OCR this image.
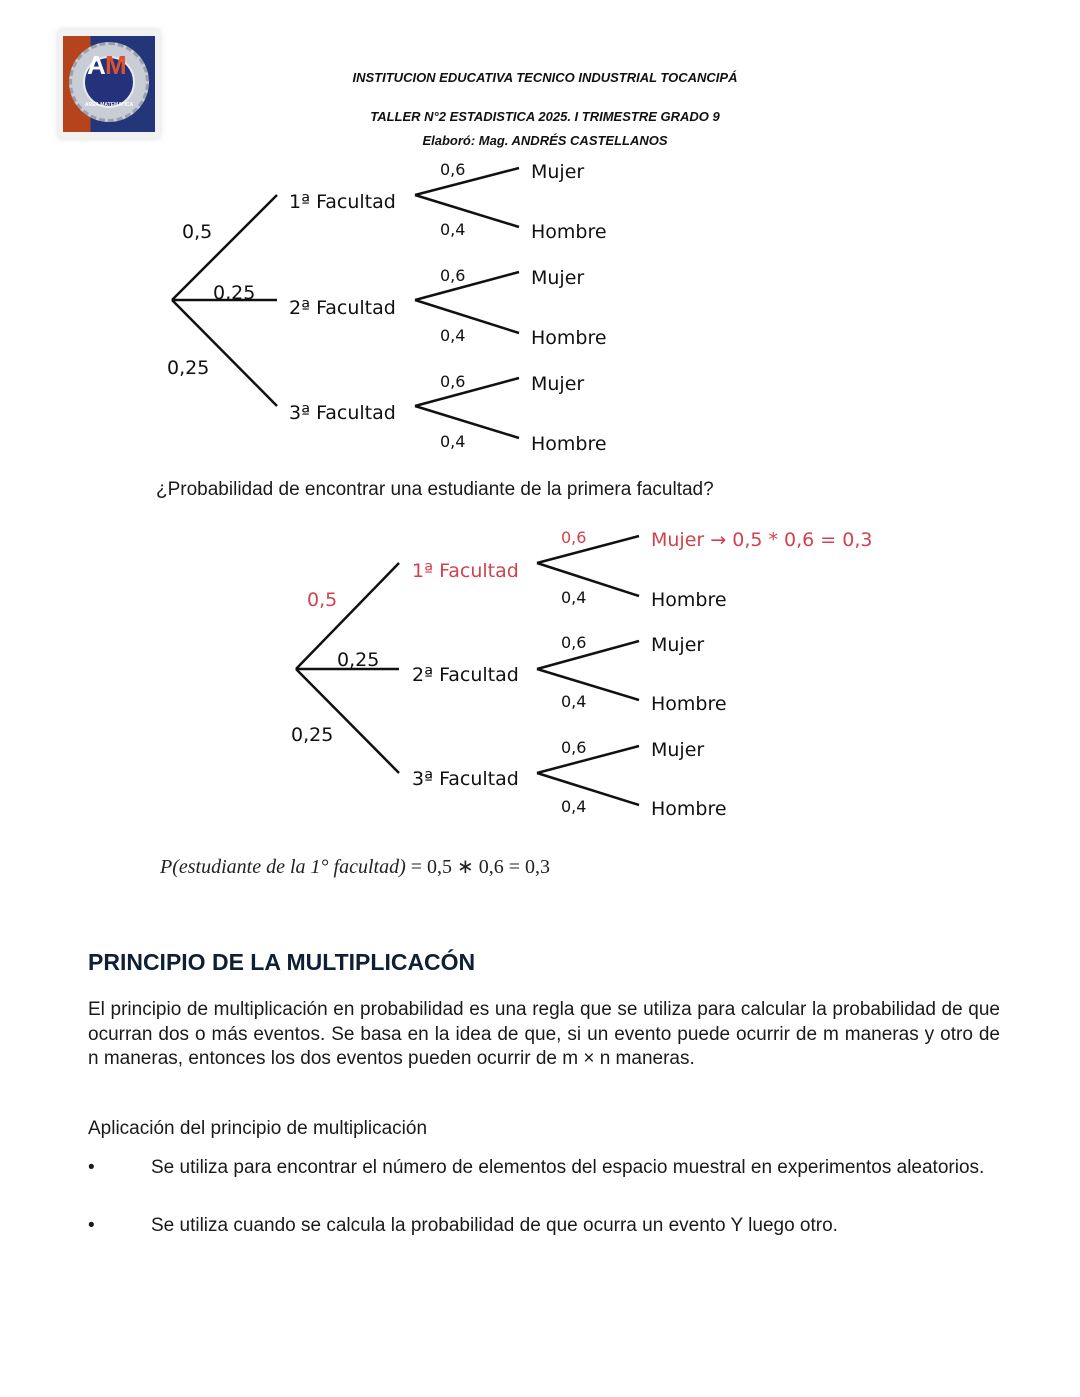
A M
AREA MATEMATICA
INSTITUCION EDUCATIVA TECNICO INDUSTRIAL TOCANCIPÁ
TALLER N°2 ESTADISTICA 2025. I TRIMESTRE GRADO 9
Elaboró: Mag. ANDRÉS CASTELLANOS
0,5
0,25
0,25
1ª Facultad
2ª Facultad
3ª Facultad
0,6
0,4
0,6
0,4
0,6
0,4
Mujer
Hombre
Mujer
Hombre
Mujer
Hombre
¿Probabilidad de encontrar una estudiante de la primera facultad?
0,5
0,25
0,25
1ª Facultad
2ª Facultad
3ª Facultad
0,6
0,4
0,6
0,4
0,6
0,4
Mujer → 0,5 * 0,6 = 0,3
Hombre
Mujer
Hombre
Mujer
Hombre
P(estudiante de la 1° facultad) = 0,5 ∗ 0,6 = 0,3
PRINCIPIO DE LA MULTIPLICACÓN
El principio de multiplicación en probabilidad es una regla que se utiliza para calcular la probabilidad de que ocurran dos o más eventos. Se basa en la idea de que, si un evento puede ocurrir de m maneras y otro de n maneras, entonces los dos eventos pueden ocurrir de m × n maneras.
Aplicación del principio de multiplicación
•	Se utiliza para encontrar el número de elementos del espacio muestral en experimentos aleatorios.
•	Se utiliza cuando se calcula la probabilidad de que ocurra un evento Y luego otro.
